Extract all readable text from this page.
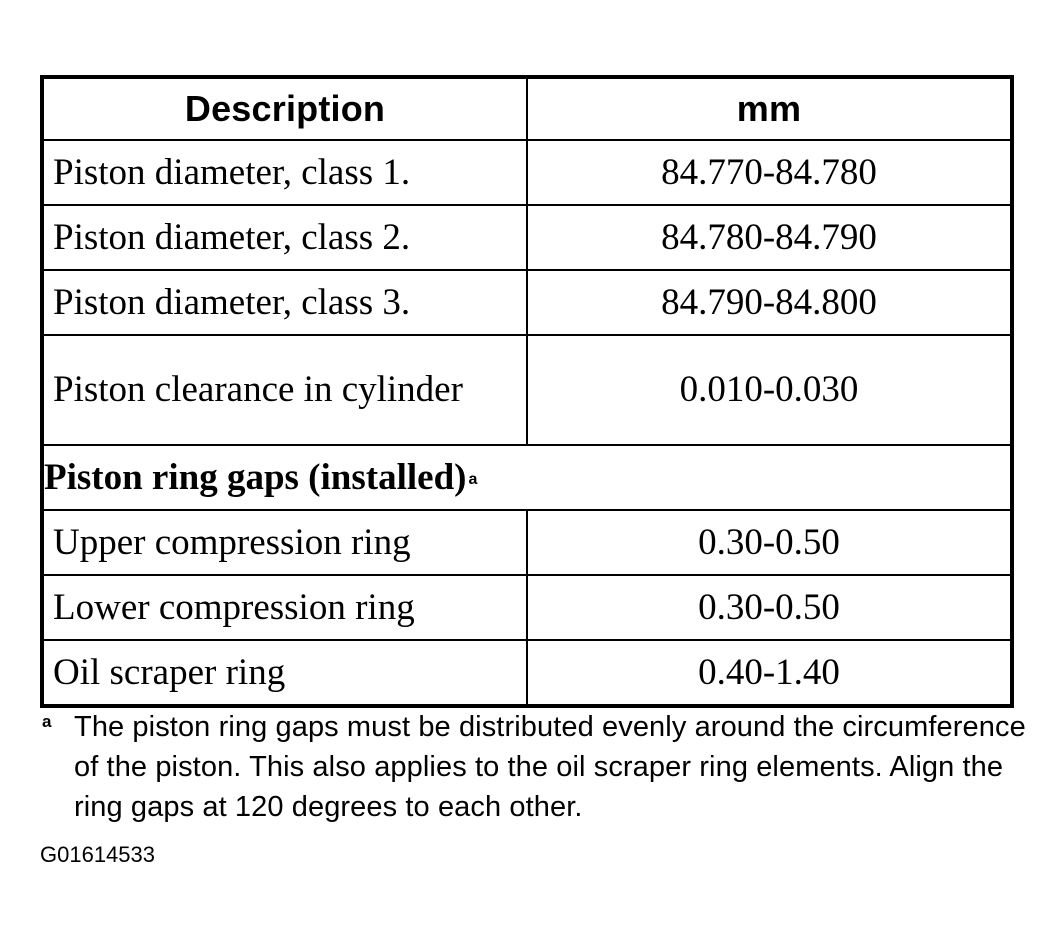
Description	mm
Piston diameter, class 1.	84.770-84.780
Piston diameter, class 2.	84.780-84.790
Piston diameter, class 3.	84.790-84.800
Piston clearance in cylinder	0.010-0.030
Piston ring gaps (installed) $^a$
Upper compression ring	0.30-0.50
Lower compression ring	0.30-0.50
Oil scraper ring	0.40-1.40
a The piston ring gaps must be distributed evenly around the circumference of the piston. This also applies to the oil scraper ring elements. Align the ring gaps at 120 degrees to each other.
G01614533
